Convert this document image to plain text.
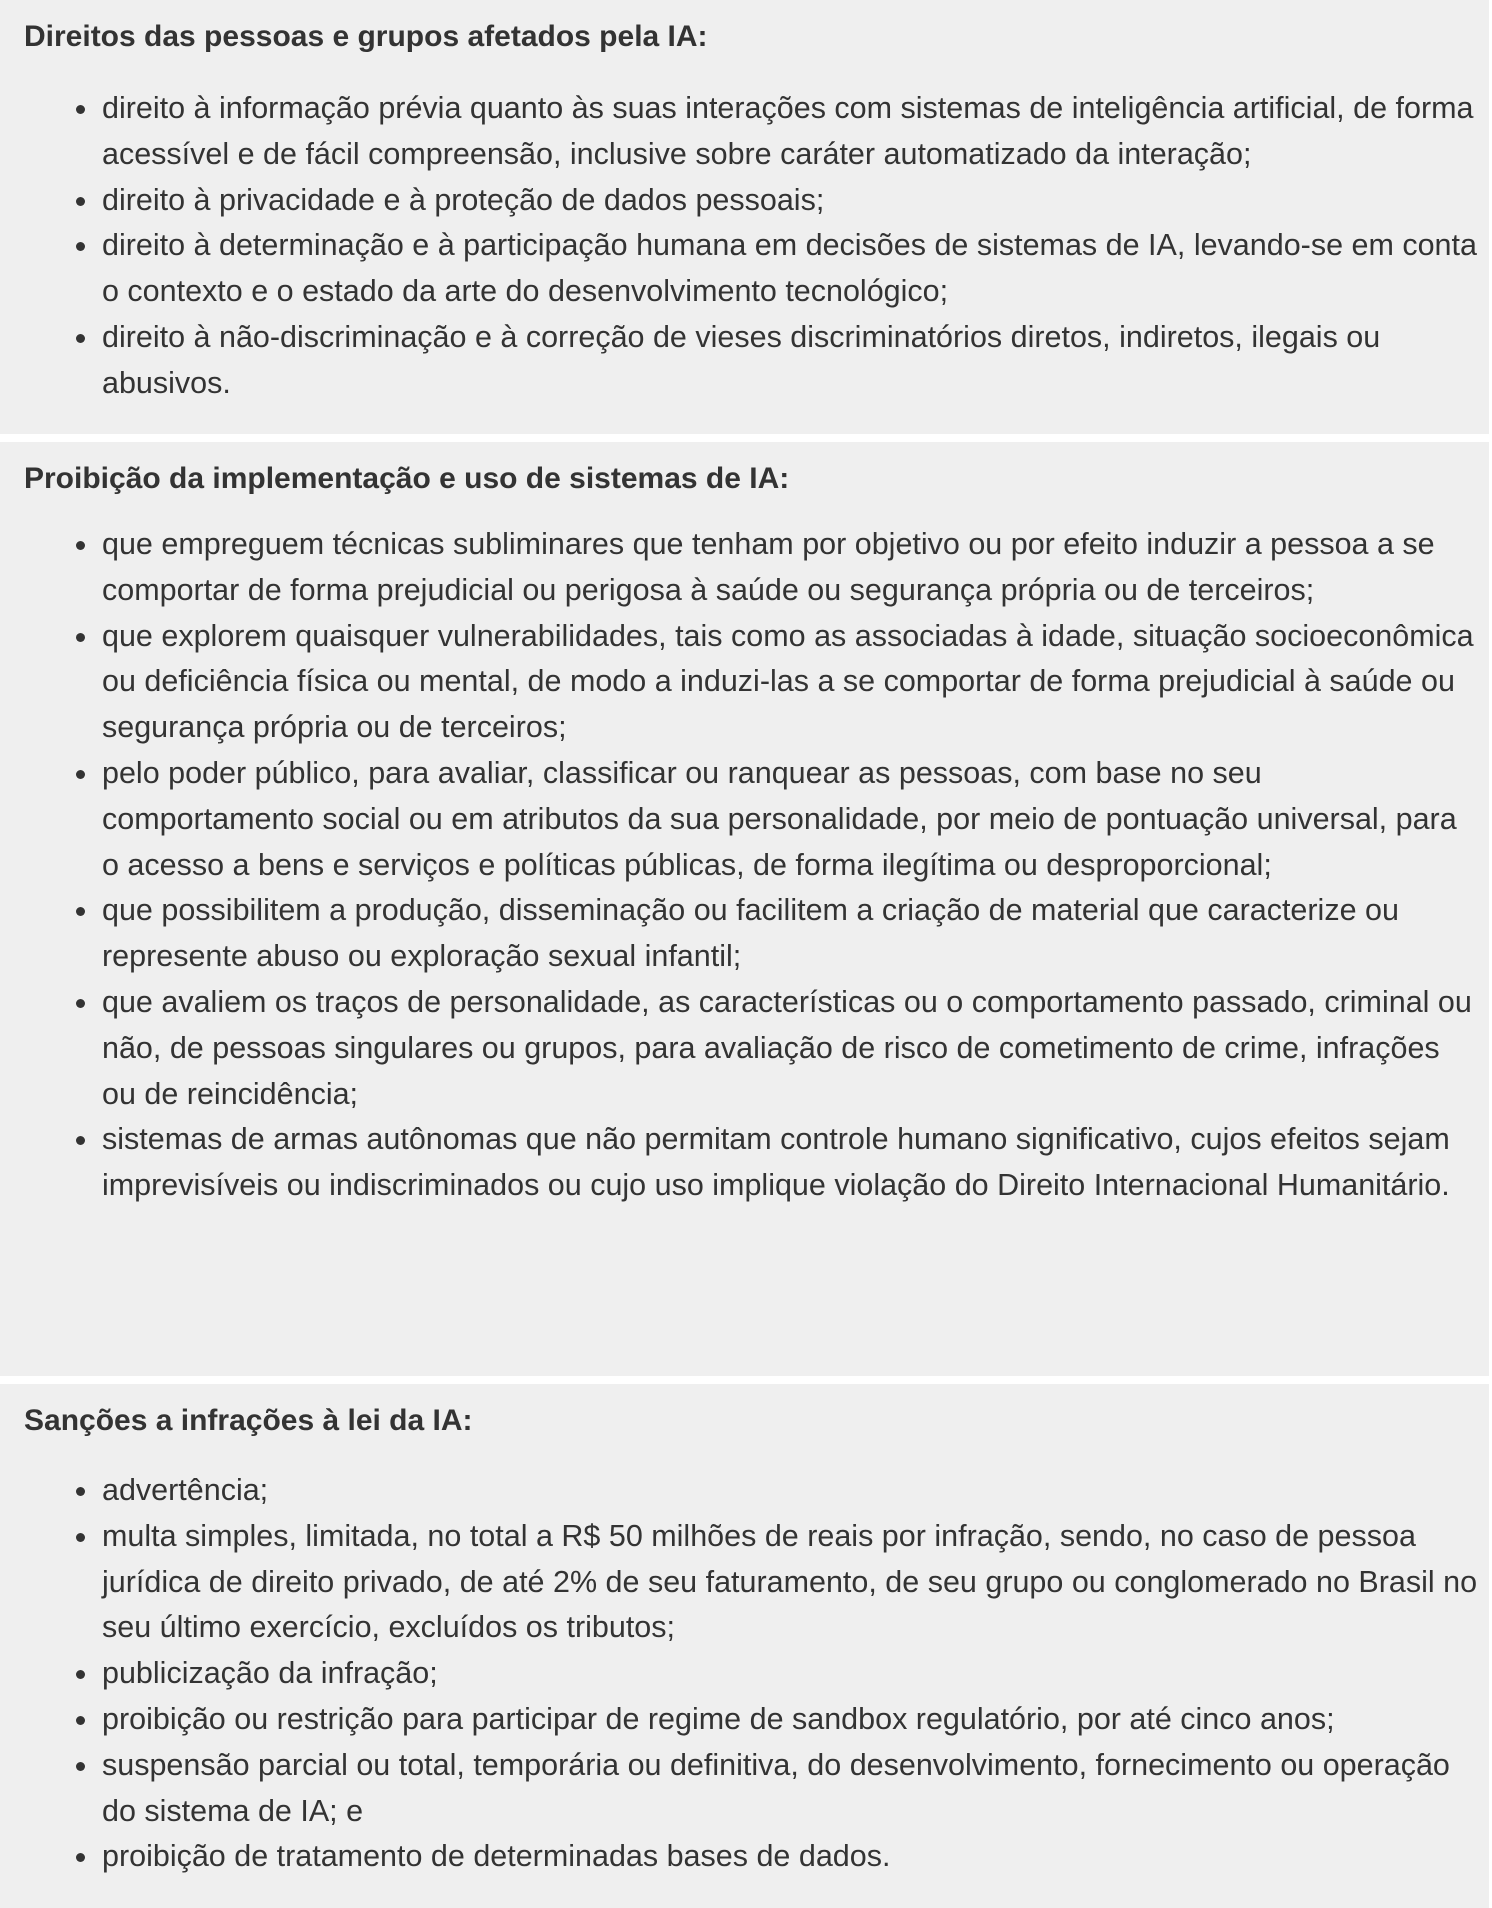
Direitos das pessoas e grupos afetados pela IA:
direito à informação prévia quanto às suas interações com sistemas de inteligência artificial, de forma acessível e de fácil compreensão, inclusive sobre caráter automatizado da interação;
direito à privacidade e à proteção de dados pessoais;
direito à determinação e à participação humana em decisões de sistemas de IA, levando-se em conta o contexto e o estado da arte do desenvolvimento tecnológico;
direito à não-discriminação e à correção de vieses discriminatórios diretos, indiretos, ilegais ou abusivos.
Proibição da implementação e uso de sistemas de IA:
que empreguem técnicas subliminares que tenham por objetivo ou por efeito induzir a pessoa a se comportar de forma prejudicial ou perigosa à saúde ou segurança própria ou de terceiros;
que explorem quaisquer vulnerabilidades, tais como as associadas à idade, situação socioeconômica ou deficiência física ou mental, de modo a induzi-las a se comportar de forma prejudicial à saúde ou segurança própria ou de terceiros;
pelo poder público, para avaliar, classificar ou ranquear as pessoas, com base no seu comportamento social ou em atributos da sua personalidade, por meio de pontuação universal, para o acesso a bens e serviços e políticas públicas, de forma ilegítima ou desproporcional;
que possibilitem a produção, disseminação ou facilitem a criação de material que caracterize ou represente abuso ou exploração sexual infantil;
que avaliem os traços de personalidade, as características ou o comportamento passado, criminal ou não, de pessoas singulares ou grupos, para avaliação de risco de cometimento de crime, infrações ou de reincidência;
sistemas de armas autônomas que não permitam controle humano significativo, cujos efeitos sejam imprevisíveis ou indiscriminados ou cujo uso implique violação do Direito Internacional Humanitário.
Sanções a infrações à lei da IA:
advertência;
multa simples, limitada, no total a R$ 50 milhões de reais por infração, sendo, no caso de pessoa jurídica de direito privado, de até 2% de seu faturamento, de seu grupo ou conglomerado no Brasil no seu último exercício, excluídos os tributos;
publicização da infração;
proibição ou restrição para participar de regime de sandbox regulatório, por até cinco anos;
suspensão parcial ou total, temporária ou definitiva, do desenvolvimento, fornecimento ou operação do sistema de IA; e
proibição de tratamento de determinadas bases de dados.
